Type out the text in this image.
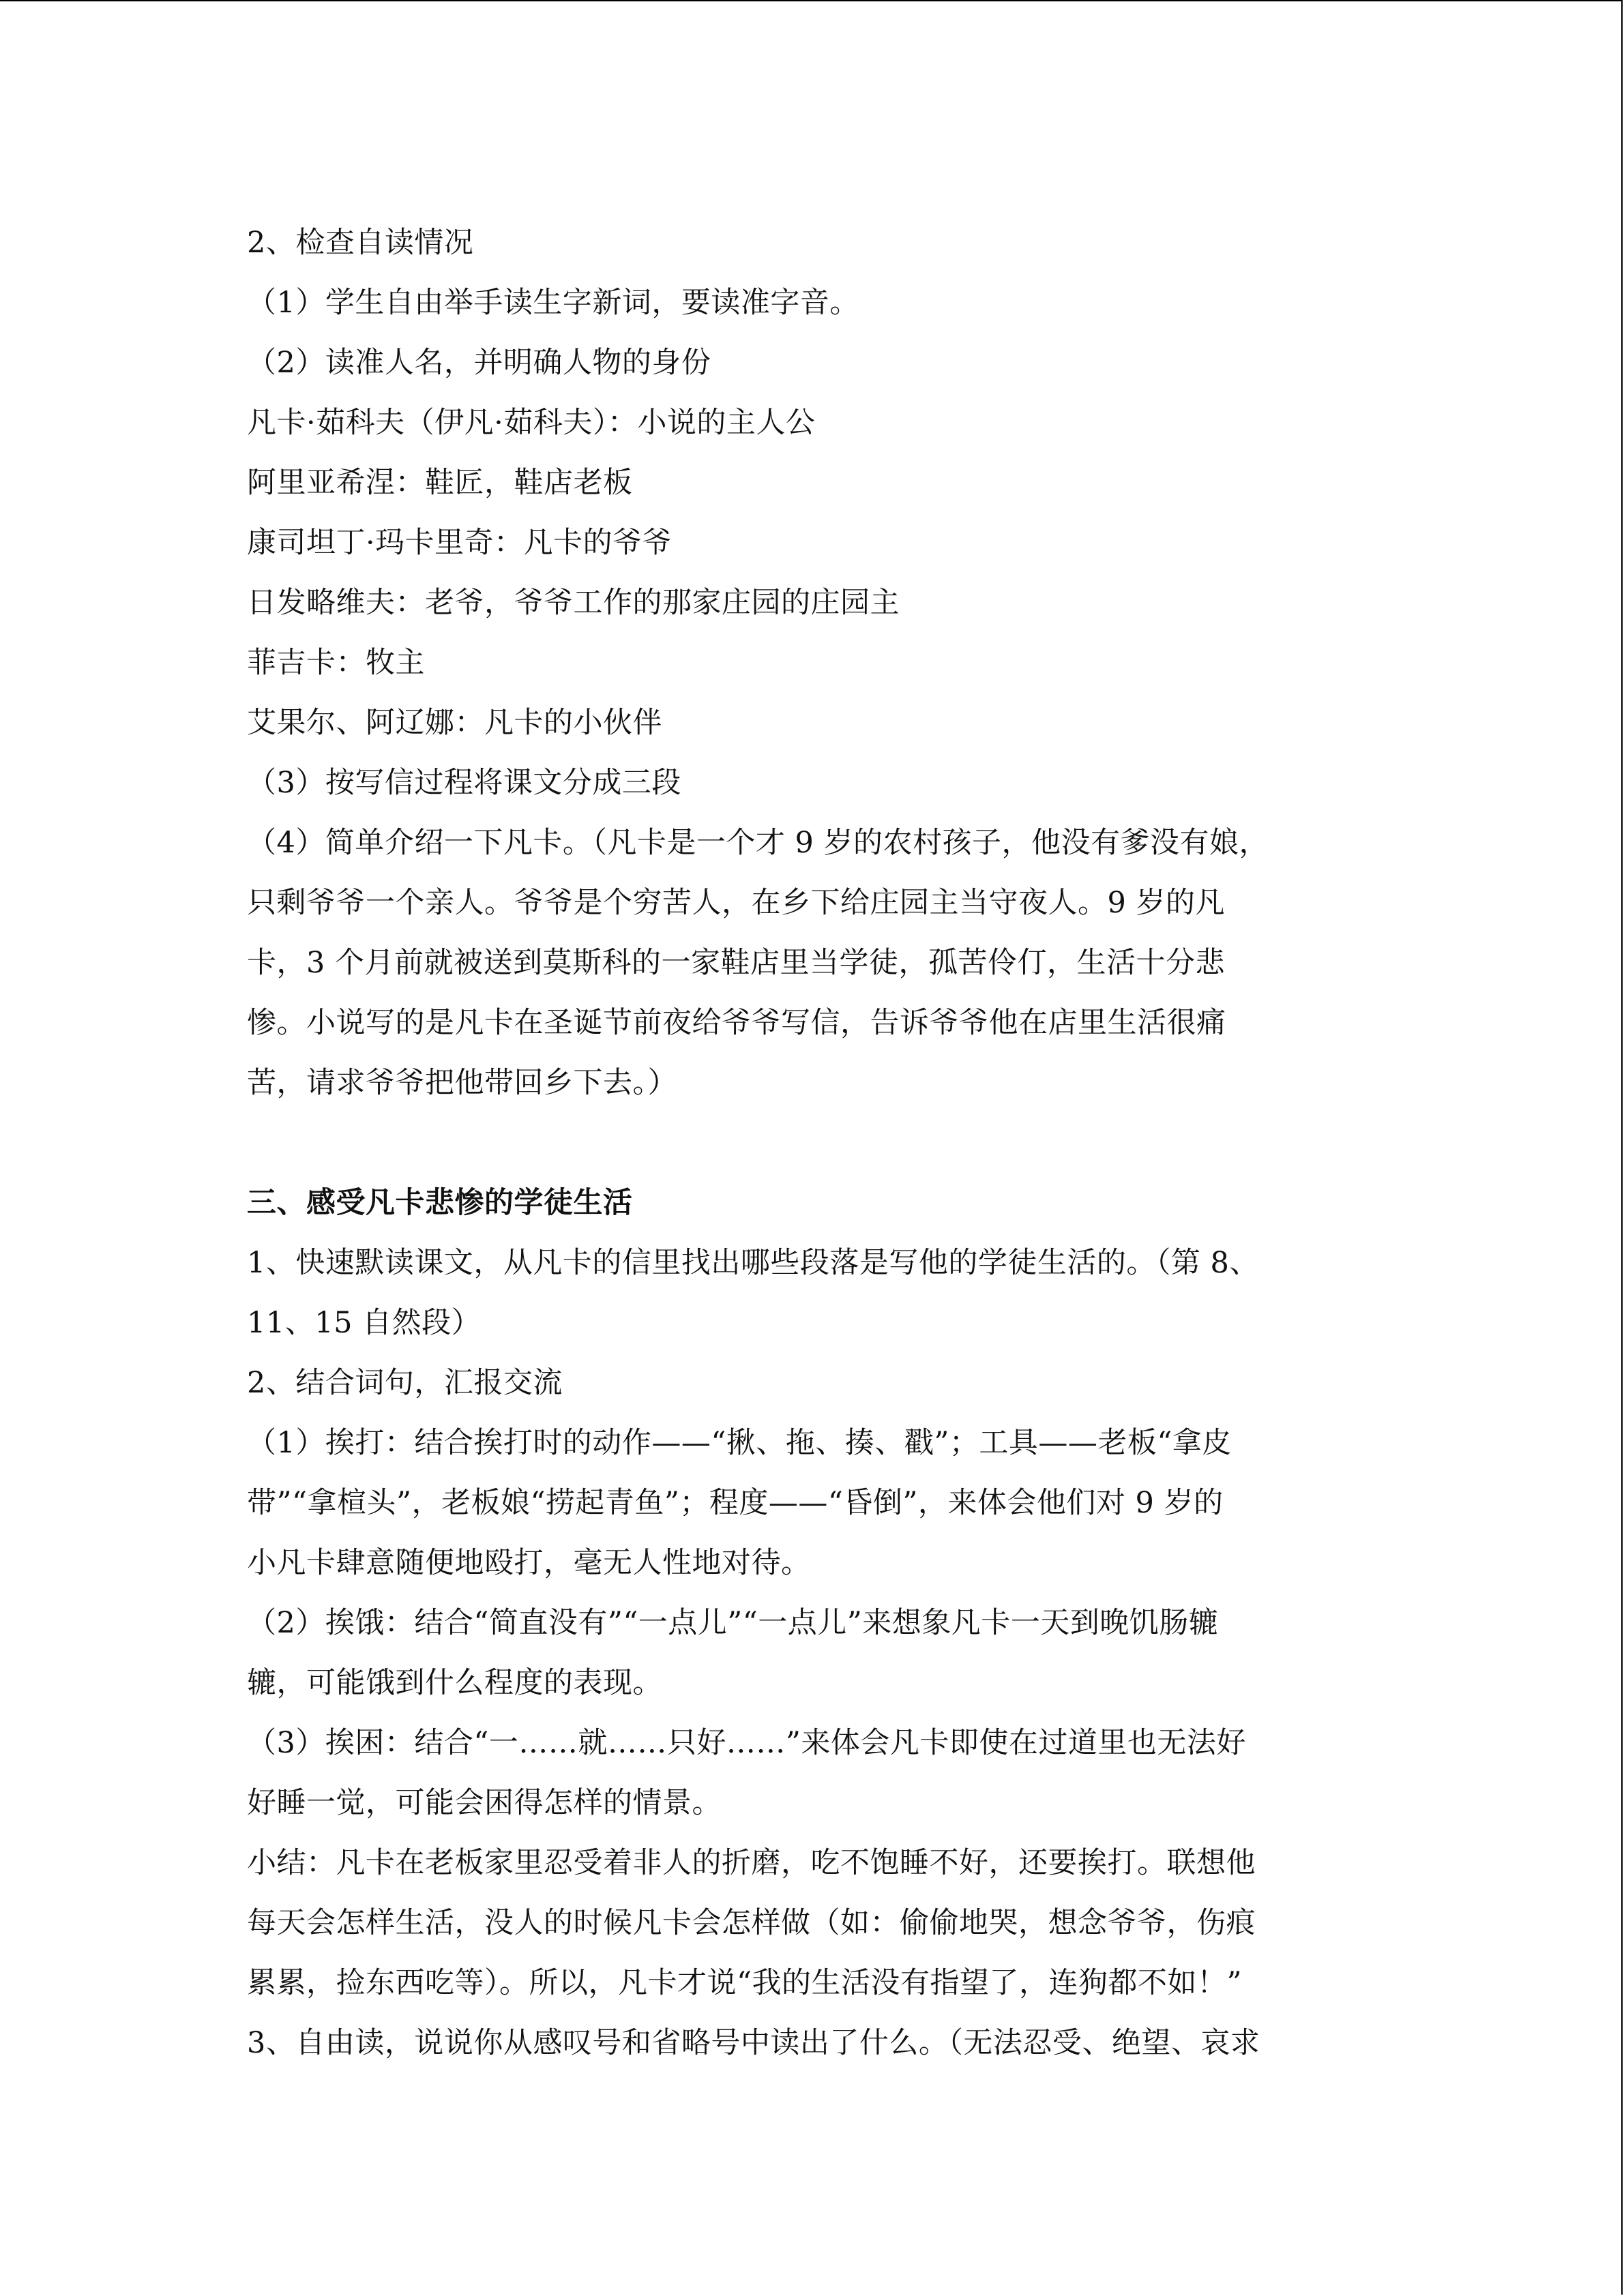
2、检查自读情况
（1）学生自由举手读生字新词，要读准字音。
（2）读准人名，并明确人物的身份
凡卡·茹科夫（伊凡·茹科夫）：小说的主人公
阿里亚希涅：鞋匠，鞋店老板
康司坦丁·玛卡里奇：凡卡的爷爷
日发略维夫：老爷，爷爷工作的那家庄园的庄园主
菲吉卡：牧主
艾果尔、阿辽娜：凡卡的小伙伴
（3）按写信过程将课文分成三段
（4）简单介绍一下凡卡。（凡卡是一个才 9 岁的农村孩子，他没有爹没有娘，
只剩爷爷一个亲人。爷爷是个穷苦人，在乡下给庄园主当守夜人。9 岁的凡
卡，3 个月前就被送到莫斯科的一家鞋店里当学徒，孤苦伶仃，生活十分悲
惨。小说写的是凡卡在圣诞节前夜给爷爷写信，告诉爷爷他在店里生活很痛
苦，请求爷爷把他带回乡下去。）
三、感受凡卡悲惨的学徒生活
1、快速默读课文，从凡卡的信里找出哪些段落是写他的学徒生活的。（第 8、
11、15 自然段）
2、结合词句，汇报交流
（1）挨打：结合挨打时的动作——“揪、拖、揍、戳”；工具——老板“拿皮
带”“拿楦头”，老板娘“捞起青鱼”；程度——“昏倒”，来体会他们对 9 岁的
小凡卡肆意随便地殴打，毫无人性地对待。
（2）挨饿：结合“简直没有”“一点儿”“一点儿”来想象凡卡一天到晚饥肠辘
辘，可能饿到什么程度的表现。
（3）挨困：结合“一……就……只好……”来体会凡卡即使在过道里也无法好
好睡一觉，可能会困得怎样的情景。
小结：凡卡在老板家里忍受着非人的折磨，吃不饱睡不好，还要挨打。联想他
每天会怎样生活，没人的时候凡卡会怎样做（如：偷偷地哭，想念爷爷，伤痕
累累，捡东西吃等）。所以，凡卡才说“我的生活没有指望了，连狗都不如！”
3、自由读，说说你从感叹号和省略号中读出了什么。（无法忍受、绝望、哀求
